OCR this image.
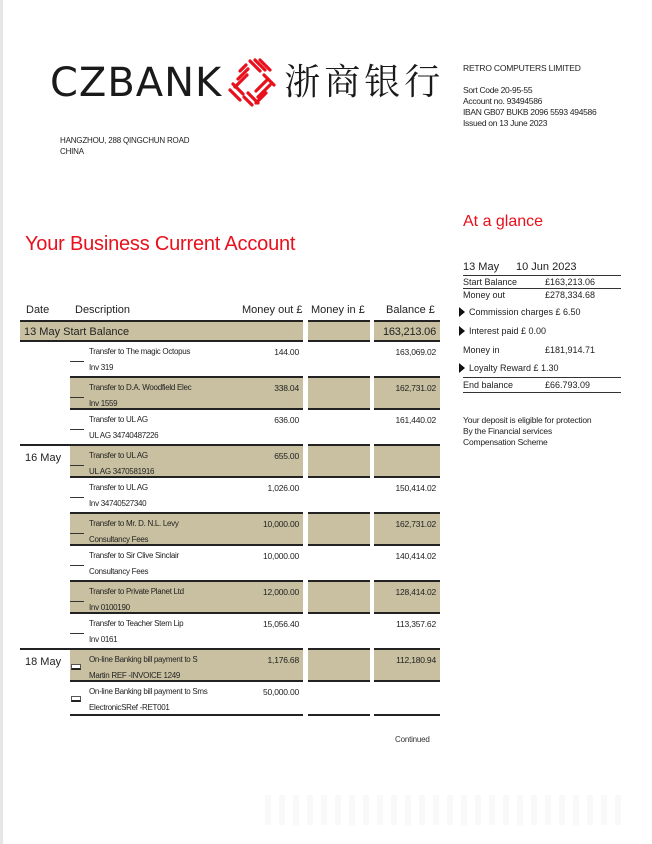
CZBANK 浙商银行
HANGZHOU, 288 QINGCHUN ROAD
CHINA
RETRO COMPUTERS LIMITED
Sort Code 20-95-55
Account no. 93494586
IBAN GB07 BUKB 2096 5593 494586
Issued on 13 June 2023
At a glance
Your Business Current Account
13 May	10 Jun 2023
Start Balance	£163,213.06
Money out	£278,334.68
Commission charges £ 6.50
Interest paid £ 0.00
Money in	£181,914.71
Loyalty Reward £ 1.30
End balance	£66.793.09
Your deposit is eligible for protection
By the Financial services
Compensation Scheme
Date Description	Money out £ Money in £ Balance £
13 May Start Balance	163,213.06
Transfer to The magic Octopus
Inv 319
144.00	163,069.02
Transfer to D.A. Woodfield Elec
Inv 1559
338.04	162,731.02
Transfer to UL AG
UL AG 34740487226
636.00	161,440.02
16 May	Transfer to UL AG
UL AG 3470581916
655.00
Transfer to UL AG
Inv 34740527340
1,026.00	150,414.02
Transfer to Mr. D. N.L. Levy
Consultancy Fees
10,000.00	162,731.02
Transfer to Sir Clive Sinclair
Consultancy Fees
10,000.00	140,414.02
Transfer to Private Planet Ltd
Inv 0100190
12,000.00	128,414.02
Transfer to Teacher Stem Lip
Inv 0161
15,056.40	113,357.62
18 May	On-line Banking bill payment to S
Martin REF -INVOICE 1249
1,176.68	112,180.94
On-line Banking bill payment to Sms
ElectronicSRef -RET001
50,000.00
Continued
